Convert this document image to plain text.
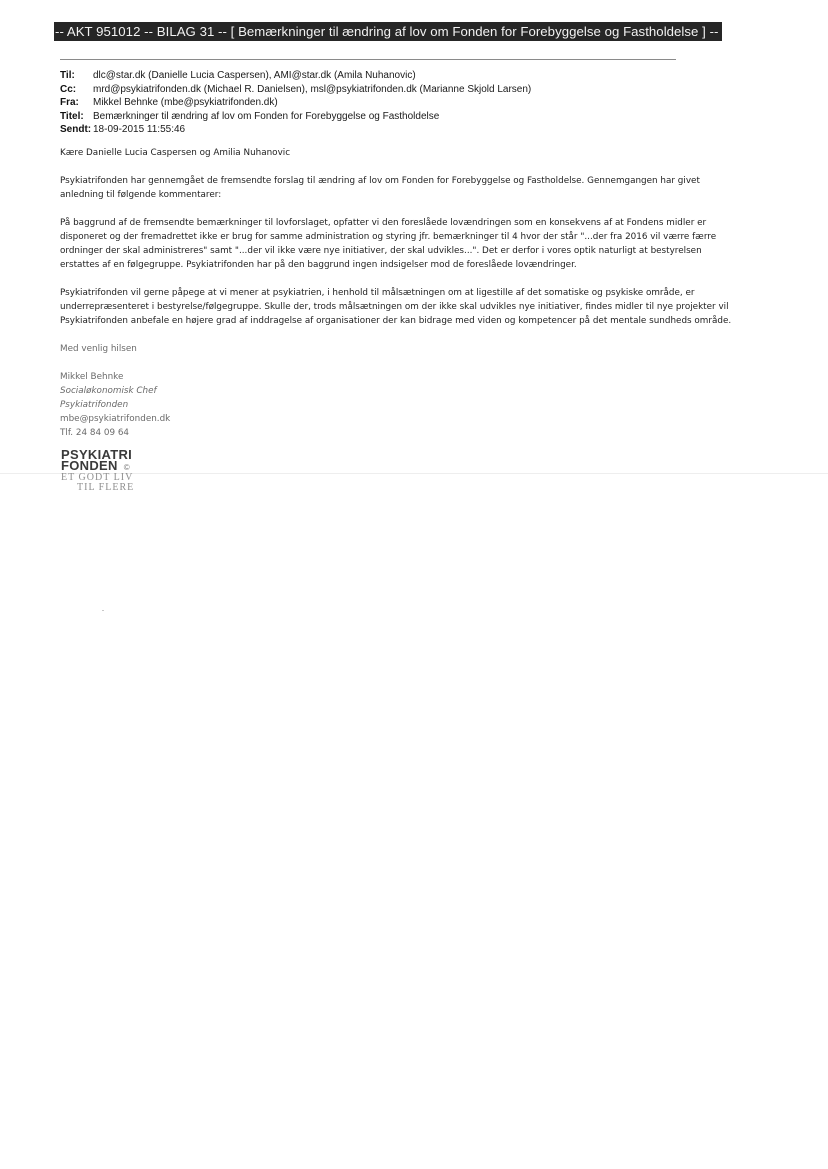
-- AKT 951012 -- BILAG 31 -- [ Bemærkninger til ændring af lov om Fonden for Forebyggelse og Fastholdelse ] --
Til:	dlc@star.dk (Danielle Lucia Caspersen), AMI@star.dk (Amila Nuhanovic)
Cc:	mrd@psykiatrifonden.dk (Michael R. Danielsen), msl@psykiatrifonden.dk (Marianne Skjold Larsen)
Fra:	Mikkel Behnke (mbe@psykiatrifonden.dk)
Titel: Bemærkninger til ændring af lov om Fonden for Forebyggelse og Fastholdelse
Sendt: 18-09-2015 11:55:46

Kære Danielle Lucia Caspersen og Amilia Nuhanovic

Psykiatrifonden har gennemgået de fremsendte forslag til ændring af lov om Fonden for Forebyggelse og Fastholdelse. Gennemgangen har givet
anledning til følgende kommentarer:
På baggrund af de fremsendte bemærkninger til lovforslaget, opfatter vi den foreslåede lovændringen som en konsekvens af at Fondens midler er
disponeret og der fremadrettet ikke er brug for samme administration og styring jfr. bemærkninger til 4 hvor der står "...der fra 2016 vil værre færre
ordninger der skal administreres" samt "...der vil ikke være nye initiativer, der skal udvikles...". Det er derfor i vores optik naturligt at bestyrelsen
erstattes af en følgegruppe. Psykiatrifonden har på den baggrund ingen indsigelser mod de foreslåede lovændringer.
Psykiatrifonden vil gerne påpege at vi mener at psykiatrien, i henhold til målsætningen om at ligestille af det somatiske og psykiske område, er
underrepræsenteret i bestyrelse/følgegruppe. Skulle der, trods målsætningen om der ikke skal udvikles nye initiativer, findes midler til nye projekter vil
Psykiatrifonden anbefale en højere grad af inddragelse af organisationer der kan bidrage med viden og kompetencer på det mentale sundheds område.

Med venlig hilsen

Mikkel Behnke
Socialøkonomisk Chef
Psykiatrifonden
mbe@psykiatrifonden.dk
Tlf. 24 84 09 64
PSYKIATRI
FONDEN ©
ET GODT LIV
TIL FLERE
